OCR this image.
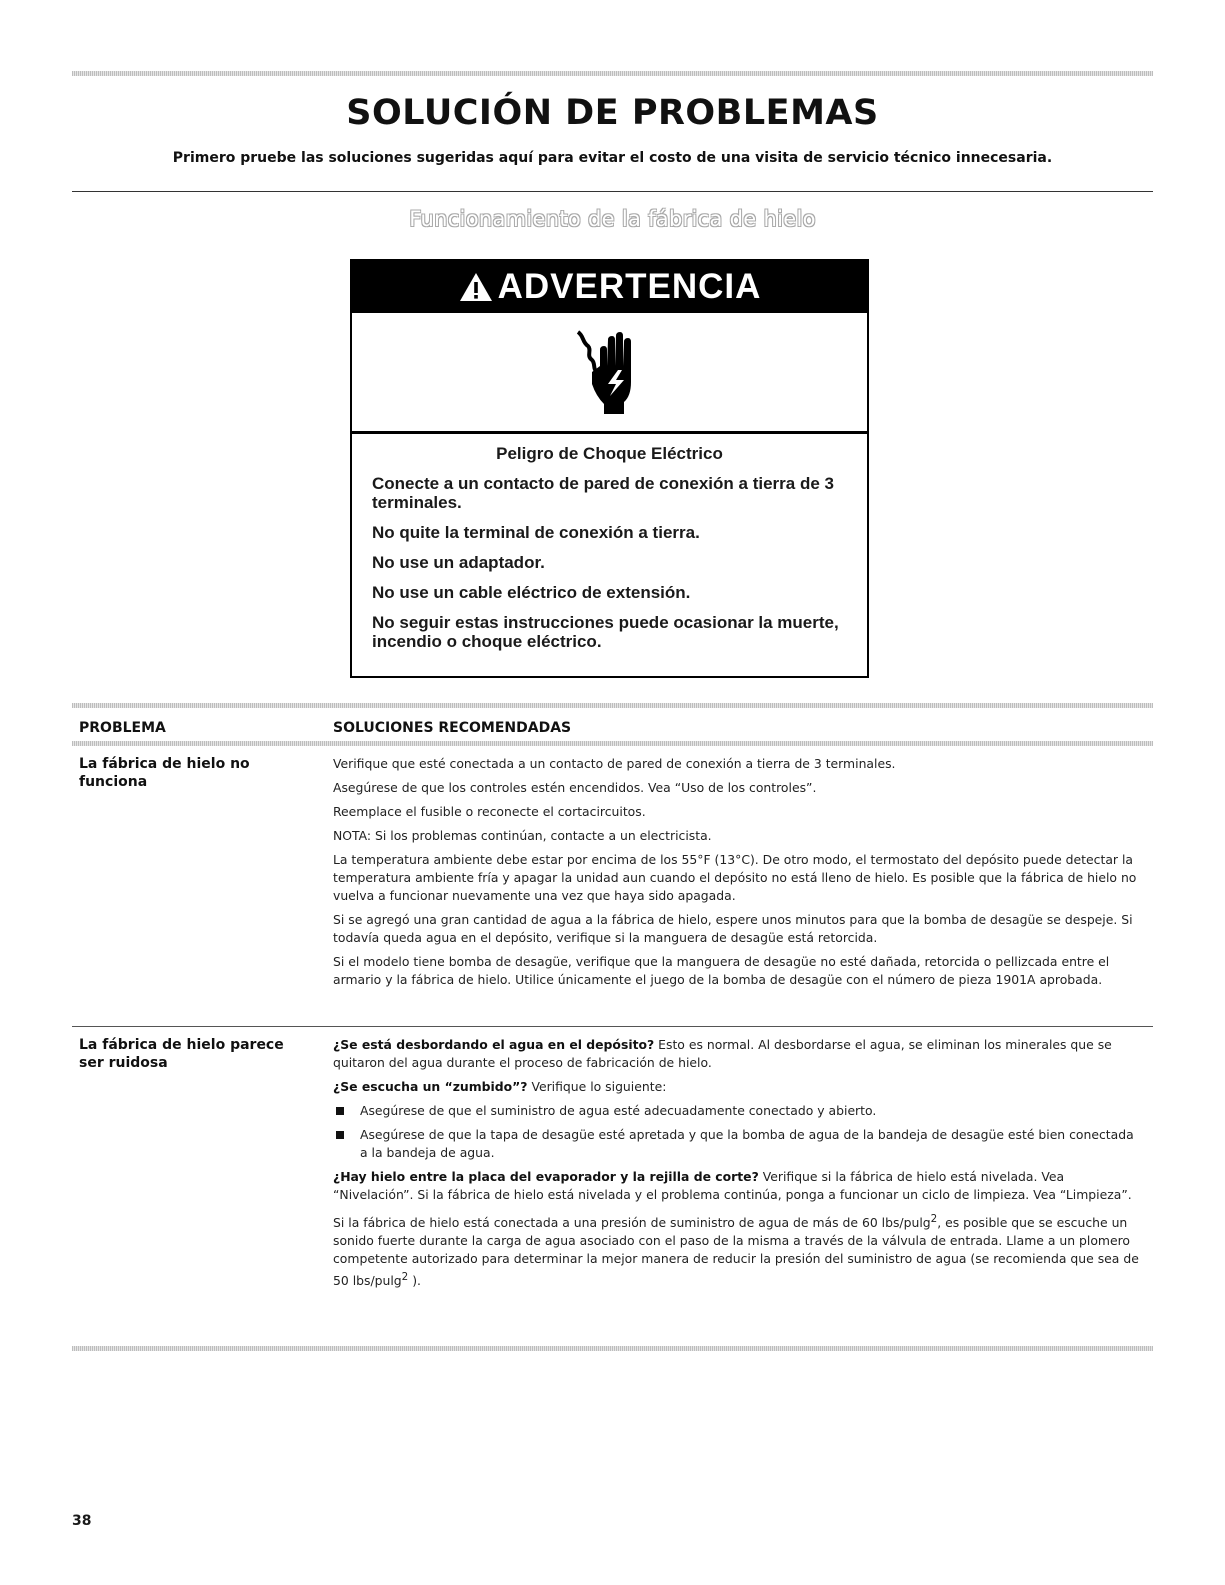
SOLUCIÓN DE PROBLEMAS
Primero pruebe las soluciones sugeridas aquí para evitar el costo de una visita de servicio técnico innecesaria.
Funcionamiento de la fábrica de hielo
ADVERTENCIA
Peligro de Choque Eléctrico
Conecte a un contacto de pared de conexión a tierra de 3 terminales.
No quite la terminal de conexión a tierra.
No use un adaptador.
No use un cable eléctrico de extensión.
No seguir estas instrucciones puede ocasionar la muerte, incendio o choque eléctrico.
PROBLEMA	SOLUCIONES RECOMENDADAS
La fábrica de hielo no funciona

Verifique que esté conectada a un contacto de pared de conexión a tierra de 3 terminales.

Asegúrese de que los controles estén encendidos. Vea “Uso de los controles”.

Reemplace el fusible o reconecte el cortacircuitos.

NOTA: Si los problemas continúan, contacte a un electricista.

La temperatura ambiente debe estar por encima de los 55°F (13°C). De otro modo, el termostato del depósito puede detectar la temperatura ambiente fría y apagar la unidad aun cuando el depósito no está lleno de hielo. Es posible que la fábrica de hielo no vuelva a funcionar nuevamente una vez que haya sido apagada.

Si se agregó una gran cantidad de agua a la fábrica de hielo, espere unos minutos para que la bomba de desagüe se despeje. Si todavía queda agua en el depósito, verifique si la manguera de desagüe está retorcida.

Si el modelo tiene bomba de desagüe, verifique que la manguera de desagüe no esté dañada, retorcida o pellizcada entre el armario y la fábrica de hielo. Utilice únicamente el juego de la bomba de desagüe con el número de pieza 1901A aprobada.

La fábrica de hielo parece ser ruidosa

¿Se está desbordando el agua en el depósito? Esto es normal. Al desbordarse el agua, se eliminan los minerales que se quitaron del agua durante el proceso de fabricación de hielo.

¿Se escucha un “zumbido”? Verifique lo siguiente:

Asegúrese de que el suministro de agua esté adecuadamente conectado y abierto.
Asegúrese de que la tapa de desagüe esté apretada y que la bomba de agua de la bandeja de desagüe esté bien conectada a la bandeja de agua.

¿Hay hielo entre la placa del evaporador y la rejilla de corte? Verifique si la fábrica de hielo está nivelada. Vea “Nivelación”. Si la fábrica de hielo está nivelada y el problema continúa, ponga a funcionar un ciclo de limpieza. Vea “Limpieza”.

Si la fábrica de hielo está conectada a una presión de suministro de agua de más de 60 lbs/pulg$^2$, es posible que se escuche un sonido fuerte durante la carga de agua asociado con el paso de la misma a través de la válvula de entrada. Llame a un plomero competente autorizado para determinar la mejor manera de reducir la presión del suministro de agua (se recomienda que sea de 50 lbs/pulg$^2$ ).

38
